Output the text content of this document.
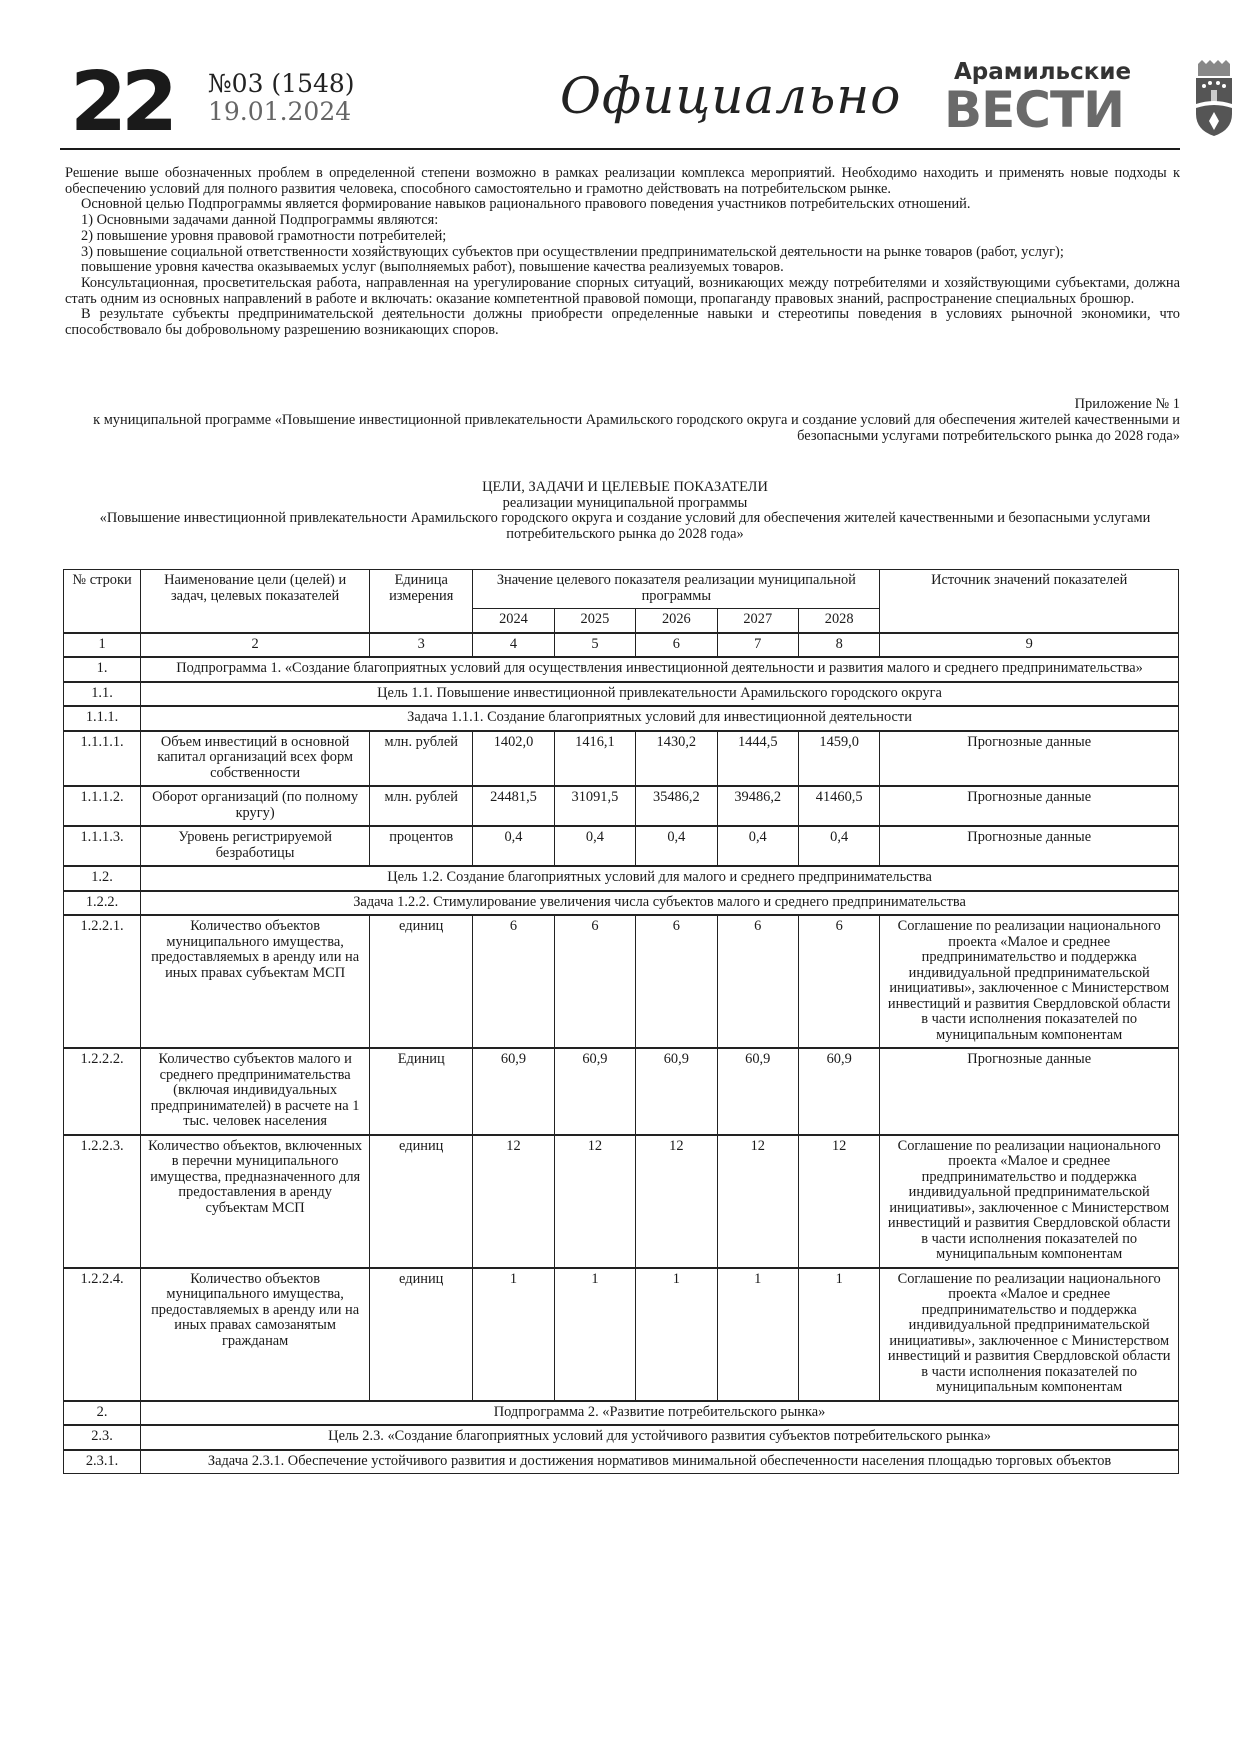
22 №03 (1548)
19.01.2024	Официально	Арамильские
ВЕСТИ

Решение выше обозначенных проблем в определенной степени возможно в рамках реализации комплекса мероприятий. Необходимо находить и применять новые подходы к обеспечению условий для полного развития человека, способного самостоятельно и грамотно действовать на потребительском рынке.

Основной целью Подпрограммы является формирование навыков рационального правового поведения участников потребительских отношений.

1) Основными задачами данной Подпрограммы являются:

2) повышение уровня правовой грамотности потребителей;

3) повышение социальной ответственности хозяйствующих субъектов при осуществлении предпринимательской деятельности на рынке товаров (работ, услуг);

повышение уровня качества оказываемых услуг (выполняемых работ), повышение качества реализуемых товаров.

Консультационная, просветительская работа, направленная на урегулирование спорных ситуаций, возникающих между потребителями и хозяйствующими субъектами, должна стать одним из основных направлений в работе и включать: оказание компетентной правовой помощи, пропаганду правовых знаний, распространение специальных брошюр.

В результате субъекты предпринимательской деятельности должны приобрести определенные навыки и стереотипы поведения в условиях рыночной экономики, что способствовало бы добровольному разрешению возникающих споров.

Приложение № 1

к муниципальной программе «Повышение инвестиционной привлекательности Арамильского городского округа и создание условий для обеспечения жителей качественными и безопасными услугами потребительского рынка до 2028 года»

ЦЕЛИ, ЗАДАЧИ И ЦЕЛЕВЫЕ ПОКАЗАТЕЛИ

реализации муниципальной программы

«Повышение инвестиционной привлекательности Арамильского городского округа и создание условий для обеспечения жителей качественными и безопасными услугами потребительского рынка до 2028 года»

№ строки	Наименование цели (целей) и задач, целевых показателей	Единица измерения	Значение целевого показателя реализации муниципальной программы					Источник значений показателей
			2024	2025	2026	2027	2028	
1	2	3	4	5	6	7	8	9
1.	Подпрограмма 1. «Создание благоприятных условий для осуществления инвестиционной деятельности и развития малого и среднего предпринимательства»							
1.1.	Цель 1.1. Повышение инвестиционной привлекательности Арамильского городского округа							
1.1.1.	Задача 1.1.1. Создание благоприятных условий для инвестиционной деятельности							
1.1.1.1.	Объем инвестиций в основной капитал организаций всех форм собственности	млн. рублей	1402,0	1416,1	1430,2	1444,5	1459,0	Прогнозные данные
1.1.1.2.	Оборот организаций (по полному кругу)	млн. рублей	24481,5	31091,5	35486,2	39486,2	41460,5	Прогнозные данные
1.1.1.3.	Уровень регистрируемой безработицы	процентов	0,4	0,4	0,4	0,4	0,4	Прогнозные данные
1.2.	Цель 1.2. Создание благоприятных условий для малого и среднего предпринимательства							
1.2.2.	Задача 1.2.2. Стимулирование увеличения числа субъектов малого и среднего предпринимательства							
1.2.2.1.	Количество объектов муниципального имущества, предоставляемых в аренду или на иных правах субъектам МСП	единиц	6	6	6	6	6	Соглашение по реализации национального проекта «Малое и среднее предпринимательство и поддержка индивидуальной предпринимательской инициативы», заключенное с Министерством инвестиций и развития Свердловской области в части исполнения показателей по муниципальным компонентам
1.2.2.2.	Количество субъектов малого и среднего предпринимательства (включая индивидуальных предпринимателей) в расчете на 1 тыс. человек населения	Единиц	60,9	60,9	60,9	60,9	60,9	Прогнозные данные
1.2.2.3.	Количество объектов, включенных в перечни муниципального имущества, предназначенного для предоставления в аренду субъектам МСП	единиц	12	12	12	12	12	Соглашение по реализации национального проекта «Малое и среднее предпринимательство и поддержка индивидуальной предпринимательской инициативы», заключенное с Министерством инвестиций и развития Свердловской области в части исполнения показателей по муниципальным компонентам
1.2.2.4.	Количество объектов муниципального имущества, предоставляемых в аренду или на иных правах самозанятым гражданам	единиц	1	1	1	1	1	Соглашение по реализации национального проекта «Малое и среднее предпринимательство и поддержка индивидуальной предпринимательской инициативы», заключенное с Министерством инвестиций и развития Свердловской области в части исполнения показателей по муниципальным компонентам
2.	Подпрограмма 2. «Развитие потребительского рынка»							
2.3.	Цель 2.3. «Создание благоприятных условий для устойчивого развития субъектов потребительского рынка»							
2.3.1.	Задача 2.3.1. Обеспечение устойчивого развития и достижения нормативов минимальной обеспеченности населения площадью торговых объектов							
